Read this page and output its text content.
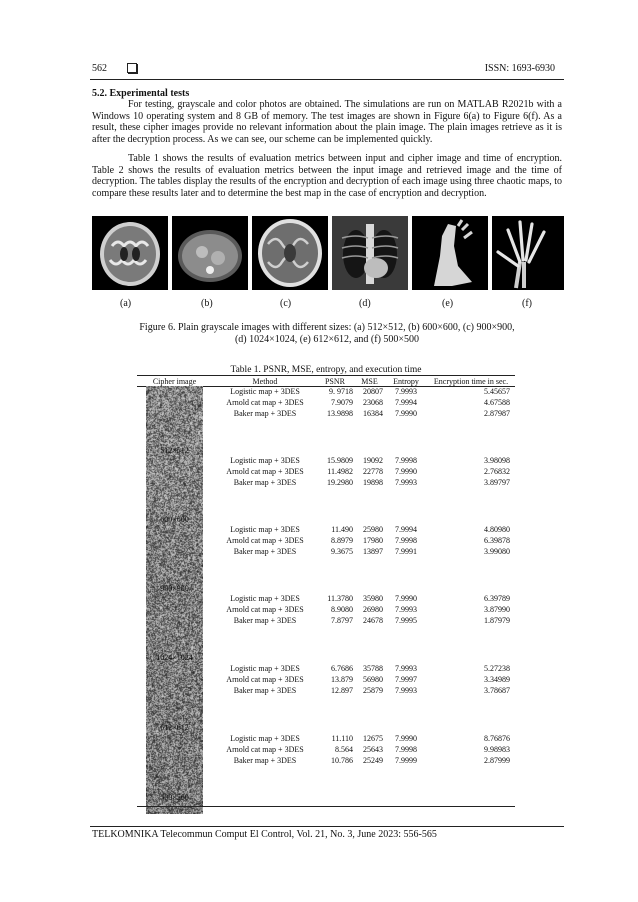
562	ISSN: 1693-6930
5.2. Experimental tests
For testing, grayscale and color photos are obtained. The simulations are run on MATLAB R2021b with a Windows 10 operating system and 8 GB of memory. The test images are shown in Figure 6(a) to Figure 6(f). As a result, these cipher images provide no relevant information about the plain image. The plain images retrieve as it is after the decryption process. As we can see, our scheme can be implemented quickly.
Table 1 shows the results of evaluation metrics between input and cipher image and time of encryption. Table 2 shows the results of evaluation metrics between the input image and retrieved image and the time of decryption. The tables display the results of the encryption and decryption of each image using three chaotic maps, to compare these results later and to determine the best map in the case of encryption and decryption.
(a)	(b)	(c)	(d)	(e)	(f)
Figure 6. Plain grayscale images with different sizes: (a) 512×512, (b) 600×600, (c) 900×900,
(d) 1024×1024, (e) 612×612, and (f) 500×500
Table 1. PSNR, MSE, entropy, and execution time
Cipher image	Method	PSNR	MSE	Entropy	Encryption time in sec.
512×512
Logistic map + 3DES	9. 9718	20807	7.9993	5.45657
Arnold cat map + 3DES	7.9079	23068	7.9994	4.67588
Baker map + 3DES	13.9898	16384	7.9990	2.87987
600×600
Logistic map + 3DES	15.9809	19092	7.9998	3.98098
Arnold cat map + 3DES	11.4982	22778	7.9990	2.76832
Baker map + 3DES	19.2980	19898	7.9993	3.89797
900×900
Logistic map + 3DES	11.490	25980	7.9994	4.80980
Arnold cat map + 3DES	8.8979	17980	7.9998	6.39878
Baker map + 3DES	9.3675	13897	7.9991	3.99080
1024×1024
Logistic map + 3DES	11.3780	35980	7.9990	6.39789
Arnold cat map + 3DES	8.9080	26980	7.9993	3.87990
Baker map + 3DES	7.8797	24678	7.9995	1.87979
612×612
Logistic map + 3DES	6.7686	35788	7.9993	5.27238
Arnold cat map + 3DES	13.879	56980	7.9997	3.34989
Baker map + 3DES	12.897	25879	7.9993	3.78687
500×500
Logistic map + 3DES	11.110	12675	7.9990	8.76876
Arnold cat map + 3DES	8.564	25643	7.9998	9.98983
Baker map + 3DES	10.786	25249	7.9999	2.87999
TELKOMNIKA Telecommun Comput El Control, Vol. 21, No. 3, June 2023: 556-565
